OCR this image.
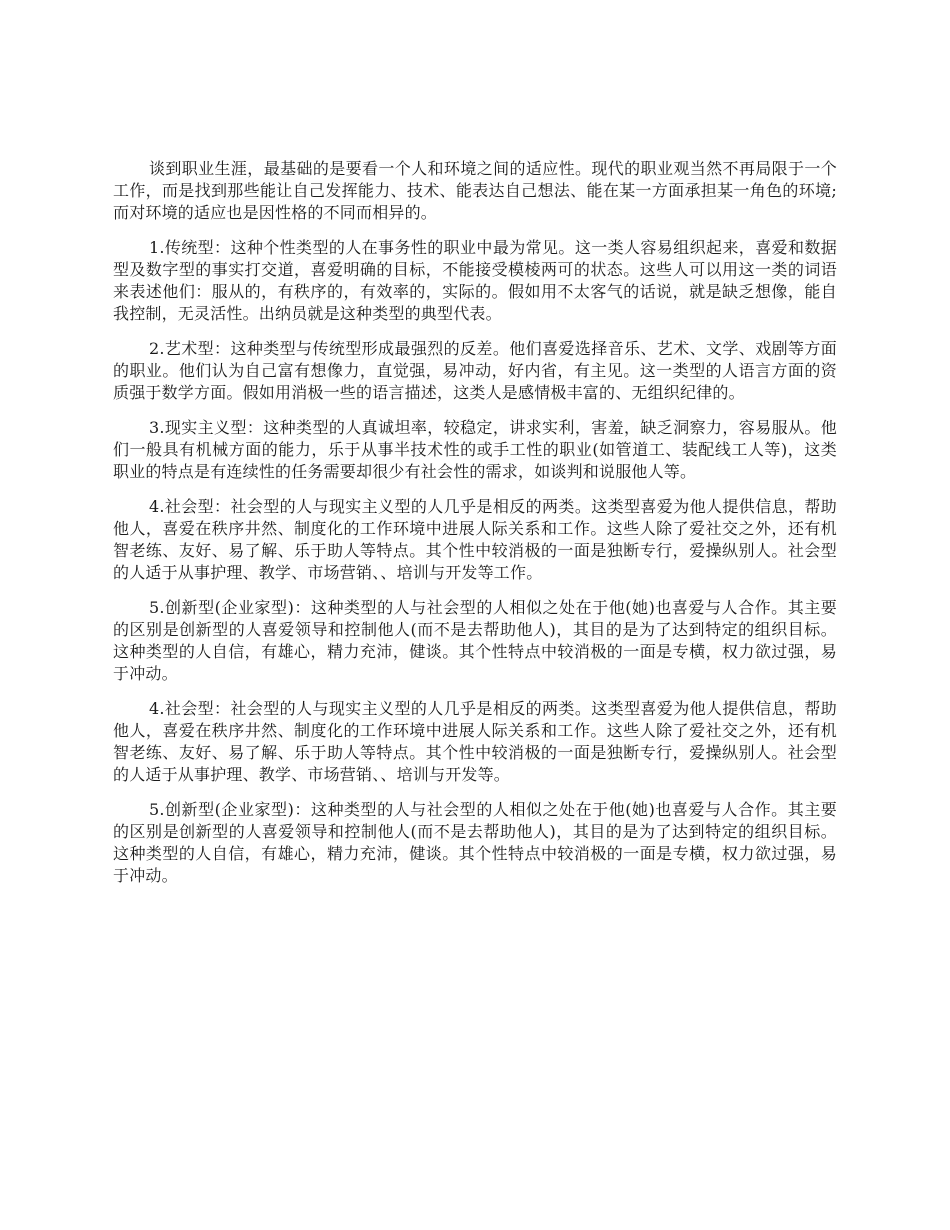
谈到职业生涯，最基础的是要看一个人和环境之间的适应性。现代的职业观当然不再局限于一个工作，而是找到那些能让自己发挥能力、技术、能表达自己想法、能在某一方面承担某一角色的环境;而对环境的适应也是因性格的不同而相异的。

1.传统型：这种个性类型的人在事务性的职业中最为常见。这一类人容易组织起来，喜爱和数据型及数字型的事实打交道，喜爱明确的目标，不能接受模棱两可的状态。这些人可以用这一类的词语来表述他们：服从的，有秩序的，有效率的，实际的。假如用不太客气的话说，就是缺乏想像，能自我控制，无灵活性。出纳员就是这种类型的典型代表。

2.艺术型：这种类型与传统型形成最强烈的反差。他们喜爱选择音乐、艺术、文学、戏剧等方面的职业。他们认为自己富有想像力，直觉强，易冲动，好内省，有主见。这一类型的人语言方面的资质强于数学方面。假如用消极一些的语言描述，这类人是感情极丰富的、无组织纪律的。

3.现实主义型：这种类型的人真诚坦率，较稳定，讲求实利，害羞，缺乏洞察力，容易服从。他们一般具有机械方面的能力，乐于从事半技术性的或手工性的职业(如管道工、装配线工人等)，这类职业的特点是有连续性的任务需要却很少有社会性的需求，如谈判和说服他人等。

4.社会型：社会型的人与现实主义型的人几乎是相反的两类。这类型喜爱为他人提供信息，帮助他人，喜爱在秩序井然、制度化的工作环境中进展人际关系和工作。这些人除了爱社交之外，还有机智老练、友好、易了解、乐于助人等特点。其个性中较消极的一面是独断专行，爱操纵别人。社会型的人适于从事护理、教学、市场营销、、培训与开发等工作。

5.创新型(企业家型)：这种类型的人与社会型的人相似之处在于他(她)也喜爱与人合作。其主要的区别是创新型的人喜爱领导和控制他人(而不是去帮助他人)，其目的是为了达到特定的组织目标。这种类型的人自信，有雄心，精力充沛，健谈。其个性特点中较消极的一面是专横，权力欲过强，易于冲动。

4.社会型：社会型的人与现实主义型的人几乎是相反的两类。这类型喜爱为他人提供信息，帮助他人，喜爱在秩序井然、制度化的工作环境中进展人际关系和工作。这些人除了爱社交之外，还有机智老练、友好、易了解、乐于助人等特点。其个性中较消极的一面是独断专行，爱操纵别人。社会型的人适于从事护理、教学、市场营销、、培训与开发等。

5.创新型(企业家型)：这种类型的人与社会型的人相似之处在于他(她)也喜爱与人合作。其主要的区别是创新型的人喜爱领导和控制他人(而不是去帮助他人)，其目的是为了达到特定的组织目标。这种类型的人自信，有雄心，精力充沛，健谈。其个性特点中较消极的一面是专横，权力欲过强，易于冲动。
